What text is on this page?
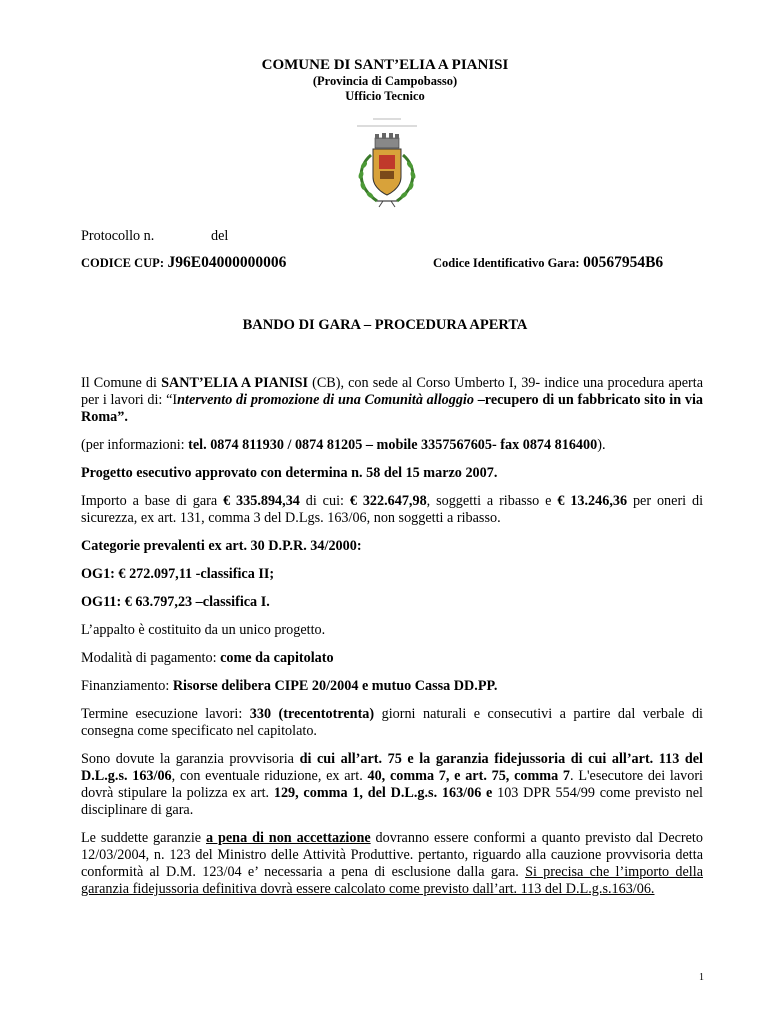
COMUNE DI SANT’ELIA A PIANISI
(Provincia di Campobasso)
Ufficio Tecnico
Protocollo n.	del
CODICE CUP: J96E04000000006	Codice Identificativo Gara: 00567954B6
BANDO DI GARA – PROCEDURA APERTA

Il Comune di SANT’ELIA A PIANISI (CB), con sede al Corso Umberto I, 39- indice una procedura aperta per i lavori di: “Intervento di promozione di una Comunità alloggio –recupero di un fabbricato sito in via Roma”.

(per informazioni: tel. 0874 811930 / 0874 81205 – mobile 3357567605- fax 0874 816400).

Progetto esecutivo approvato con determina n. 58 del 15 marzo 2007.

Importo a base di gara € 335.894,34 di cui: € 322.647,98, soggetti a ribasso e € 13.246,36 per oneri di sicurezza, ex art. 131, comma 3 del D.Lgs. 163/06, non soggetti a ribasso.

Categorie prevalenti ex art. 30 D.P.R. 34/2000:

OG1: € 272.097,11 -classifica II;

OG11: € 63.797,23 –classifica I.

L’appalto è costituito da un unico progetto.

Modalità di pagamento: come da capitolato

Finanziamento: Risorse delibera CIPE 20/2004 e mutuo Cassa DD.PP.

Termine esecuzione lavori: 330 (trecentotrenta) giorni naturali e consecutivi a partire dal verbale di consegna come specificato nel capitolato.

Sono dovute la garanzia provvisoria di cui all’art. 75 e la garanzia fidejussoria di cui all’art. 113 del D.L.g.s. 163/06, con eventuale riduzione, ex art. 40, comma 7, e art. 75, comma 7. L'esecutore dei lavori dovrà stipulare la polizza ex art. 129, comma 1, del D.L.g.s. 163/06 e 103 DPR 554/99 come previsto nel disciplinare di gara.

Le suddette garanzie a pena di non accettazione dovranno essere conformi a quanto previsto dal Decreto 12/03/2004, n. 123 del Ministro delle Attività Produttive. pertanto, riguardo alla cauzione provvisoria detta conformità al D.M. 123/04 e’ necessaria a pena di esclusione dalla gara. Si precisa che l’importo della garanzia fidejussoria definitiva dovrà essere calcolato come previsto dall’art. 113 del D.L.g.s.163/06.

1
